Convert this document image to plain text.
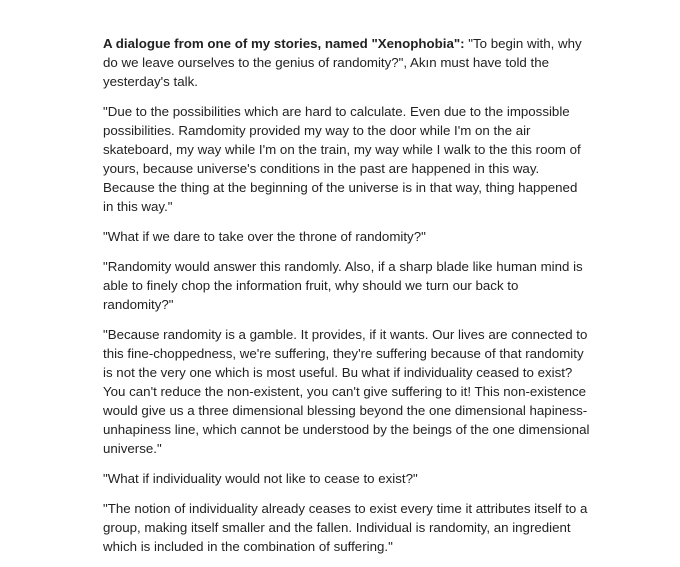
A dialogue from one of my stories, named "Xenophobia": "To begin with, why do we leave ourselves to the genius of randomity?", Akın must have told the yesterday's talk.

"Due to the possibilities which are hard to calculate. Even due to the impossible possibilities. Ramdomity provided my way to the door while I'm on the air skateboard, my way while I'm on the train, my way while I walk to the this room of yours, because universe's conditions in the past are happened in this way. Because the thing at the beginning of the universe is in that way, thing happened in this way."

"What if we dare to take over the throne of randomity?"

"Randomity would answer this randomly. Also, if a sharp blade like human mind is able to finely chop the information fruit, why should we turn our back to randomity?"

"Because randomity is a gamble. It provides, if it wants. Our lives are connected to this fine-choppedness, we're suffering, they're suffering because of that randomity is not the very one which is most useful. Bu what if individuality ceased to exist? You can't reduce the non-existent, you can't give suffering to it! This non-existence would give us a three dimensional blessing beyond the one dimensional hapiness-unhapiness line, which cannot be understood by the beings of the one dimensional universe."

"What if individuality would not like to cease to exist?"

"The notion of individuality already ceases to exist every time it attributes itself to a group, making itself smaller and the fallen. Individual is randomity, an ingredient which is included in the combination of suffering."
